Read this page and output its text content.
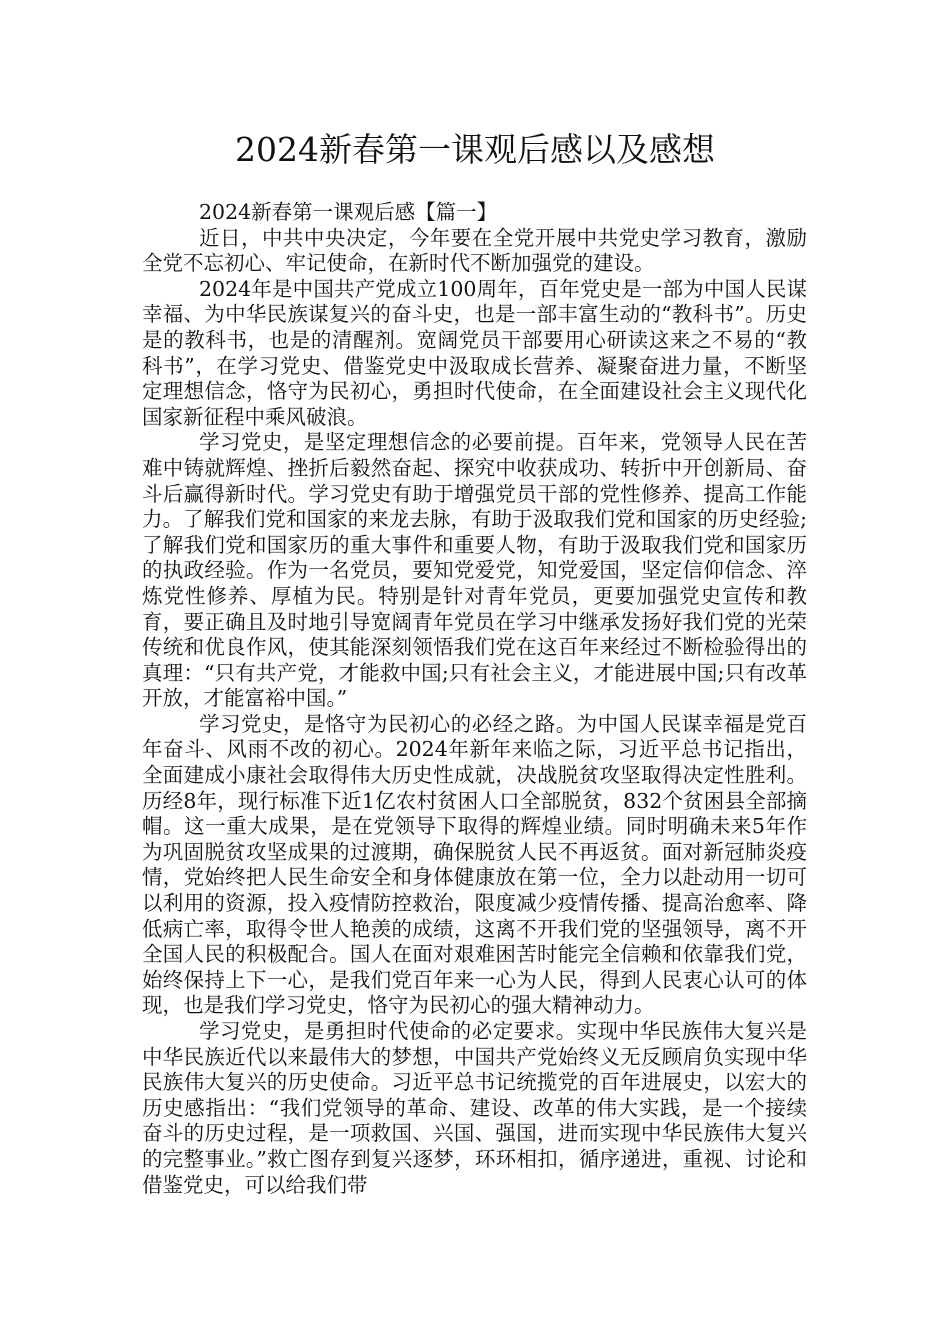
2024新春第一课观后感以及感想

2024新春第一课观后感【篇一】

近日，中共中央决定，今年要在全党开展中共党史学习教育，激励全党不忘初心、牢记使命，在新时代不断加强党的建设。

2024年是中国共产党成立100周年，百年党史是一部为中国人民谋幸福、为中华民族谋复兴的奋斗史，也是一部丰富生动的“教科书”。历史是的教科书，也是的清醒剂。宽阔党员干部要用心研读这来之不易的“教科书”，在学习党史、借鉴党史中汲取成长营养、凝聚奋进力量，不断坚定理想信念，恪守为民初心，勇担时代使命，在全面建设社会主义现代化国家新征程中乘风破浪。

学习党史，是坚定理想信念的必要前提。百年来，党领导人民在苦难中铸就辉煌、挫折后毅然奋起、探究中收获成功、转折中开创新局、奋斗后赢得新时代。学习党史有助于增强党员干部的党性修养、提高工作能力。了解我们党和国家的来龙去脉，有助于汲取我们党和国家的历史经验;了解我们党和国家历的重大事件和重要人物，有助于汲取我们党和国家历的执政经验。作为一名党员，要知党爱党，知党爱国，坚定信仰信念、淬炼党性修养、厚植为民。特别是针对青年党员，更要加强党史宣传和教育，要正确且及时地引导宽阔青年党员在学习中继承发扬好我们党的光荣传统和优良作风，使其能深刻领悟我们党在这百年来经过不断检验得出的真理：“只有共产党，才能救中国;只有社会主义，才能进展中国;只有改革开放，才能富裕中国。”

学习党史，是恪守为民初心的必经之路。为中国人民谋幸福是党百年奋斗、风雨不改的初心。2024年新年来临之际，习近平总书记指出，全面建成小康社会取得伟大历史性成就，决战脱贫攻坚取得决定性胜利。历经8年，现行标准下近1亿农村贫困人口全部脱贫，832个贫困县全部摘帽。这一重大成果，是在党领导下取得的辉煌业绩。同时明确未来5年作为巩固脱贫攻坚成果的过渡期，确保脱贫人民不再返贫。面对新冠肺炎疫情，党始终把人民生命安全和身体健康放在第一位，全力以赴动用一切可以利用的资源，投入疫情防控救治，限度减少疫情传播、提高治愈率、降低病亡率，取得令世人艳羡的成绩，这离不开我们党的坚强领导，离不开全国人民的积极配合。国人在面对艰难困苦时能完全信赖和依靠我们党，始终保持上下一心，是我们党百年来一心为人民，得到人民衷心认可的体现，也是我们学习党史，恪守为民初心的强大精神动力。

学习党史，是勇担时代使命的必定要求。实现中华民族伟大复兴是中华民族近代以来最伟大的梦想，中国共产党始终义无反顾肩负实现中华民族伟大复兴的历史使命。习近平总书记统揽党的百年进展史，以宏大的历史感指出：“我们党领导的革命、建设、改革的伟大实践，是一个接续奋斗的历史过程，是一项救国、兴国、强国，进而实现中华民族伟大复兴的完整事业。”救亡图存到复兴逐梦，环环相扣，循序递进，重视、讨论和借鉴党史，可以给我们带
